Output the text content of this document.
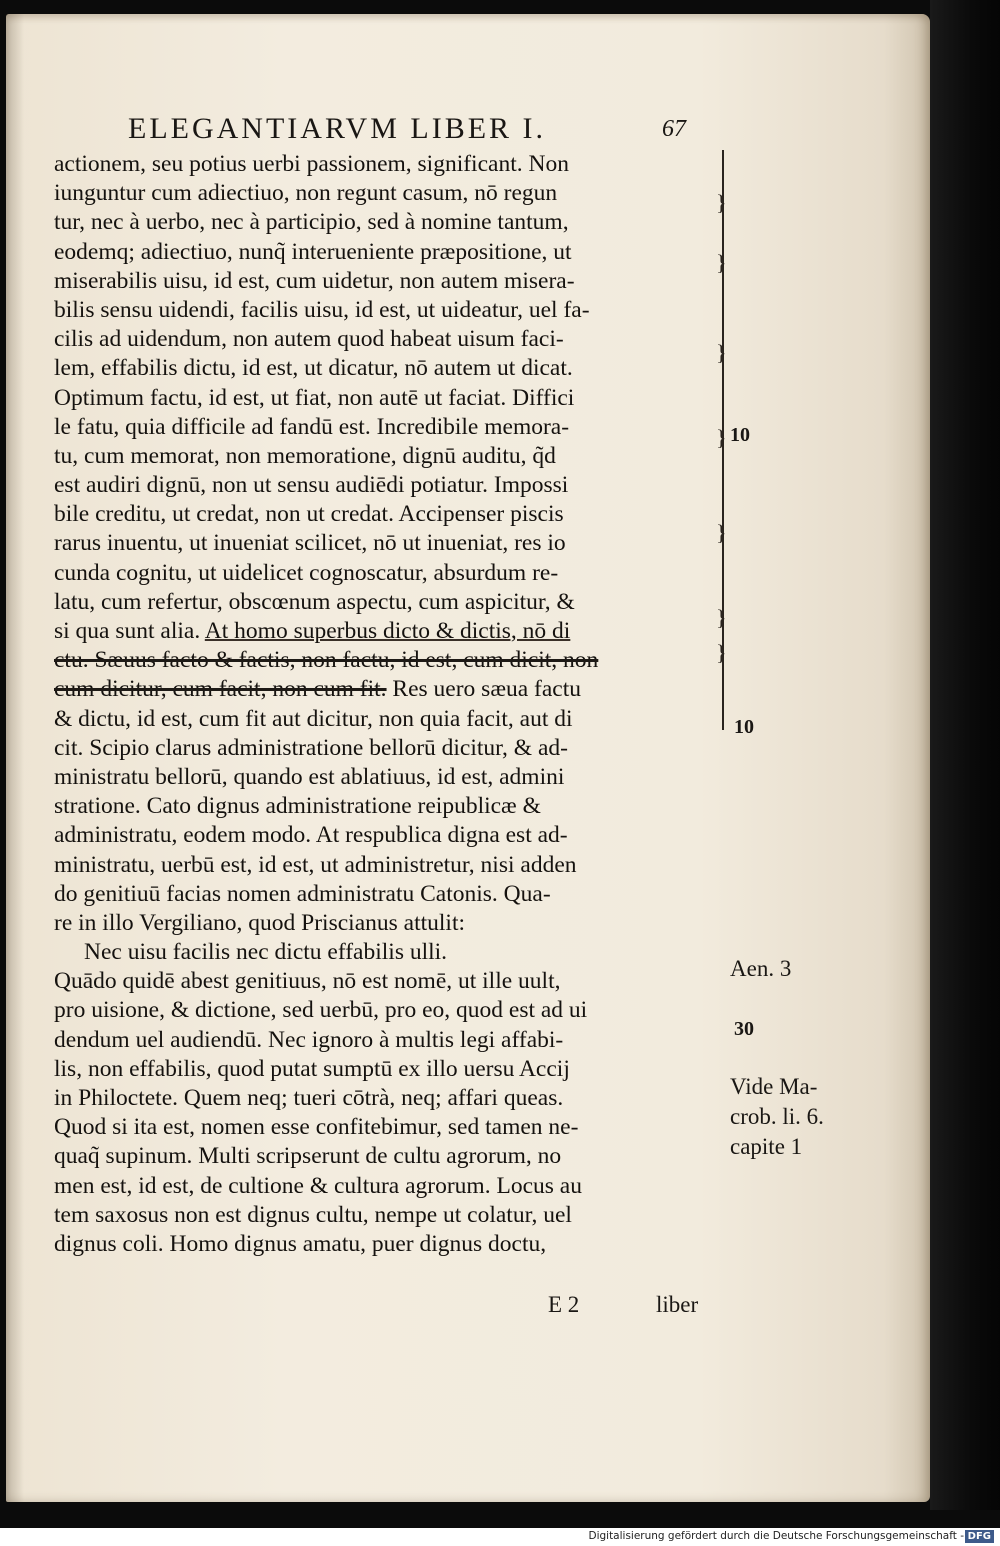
ELEGANTIARVM LIBER I.	67
actionem, seu potius uerbi passionem, significant. Non
iunguntur cum adiectiuo, non regunt casum, nō regun
tur, nec à uerbo, nec à participio, sed à nomine tantum,
eodemq; adiectiuo, nunq̃ interueniente præpositione, ut
miserabilis uisu, id est, cum uidetur, non autem misera-
bilis sensu uidendi, facilis uisu, id est, ut uideatur, uel fa-
cilis ad uidendum, non autem quod habeat uisum faci-
lem, effabilis dictu, id est, ut dicatur, nō autem ut dicat.
Optimum factu, id est, ut fiat, non autē ut faciat. Diffici
le fatu, quia difficile ad fandū est. Incredibile memora-
tu, cum memorat, non memoratione, dignū auditu, q̃d
est audiri dignū, non ut sensu audiēdi potiatur. Impossi
bile creditu, ut credat, non ut credat. Accipenser piscis
rarus inuentu, ut inueniat scilicet, nō ut inueniat, res io
cunda cognitu, ut uidelicet cognoscatur, absurdum re-
latu, cum refertur, obscœnum aspectu, cum aspicitur, &
si qua sunt alia. At homo superbus dicto & dictis, nō di
ctu. Sæuus facto & factis, non factu, id est, cum dicit, non
cum dicitur, cum facit, non cum fit. Res uero sæua factu
& dictu, id est, cum fit aut dicitur, non quia facit, aut di
cit. Scipio clarus administratione bellorū dicitur, & ad-
ministratu bellorū, quando est ablatiuus, id est, admini
stratione. Cato dignus administratione reipublicæ &
administratu, eodem modo. At respublica digna est ad-
ministratu, uerbū est, id est, ut administretur, nisi adden
do genitiuū facias nomen administratu Catonis. Qua-
re in illo Vergiliano, quod Priscianus attulit:
Nec uisu facilis nec dictu effabilis ulli.
Quādo quidē abest genitiuus, nō est nomē, ut ille uult,
pro uisione, & dictione, sed uerbū, pro eo, quod est ad ui
dendum uel audiendū. Nec ignoro à multis legi affabi-
lis, non effabilis, quod putat sumptū ex illo uersu Accij
in Philoctete. Quem neq; tueri cōtrà, neq; affari queas.
Quod si ita est, nomen esse confitebimur, sed tamen ne-
quaq̃ supinum. Multi scripserunt de cultu agrorum, no
men est, id est, de cultione & cultura agrorum. Locus au
tem saxosus non est dignus cultu, nempe ut colatur, uel
dignus coli. Homo dignus amatu, puer dignus doctu,
}
}
}
}
}
}
}
10
10
Aen. 3
30
Vide Ma-
crob. li. 6.
capite 1
E 2	liber
Digitalisierung gefördert durch die Deutsche Forschungsgemeinschaft - DFG
